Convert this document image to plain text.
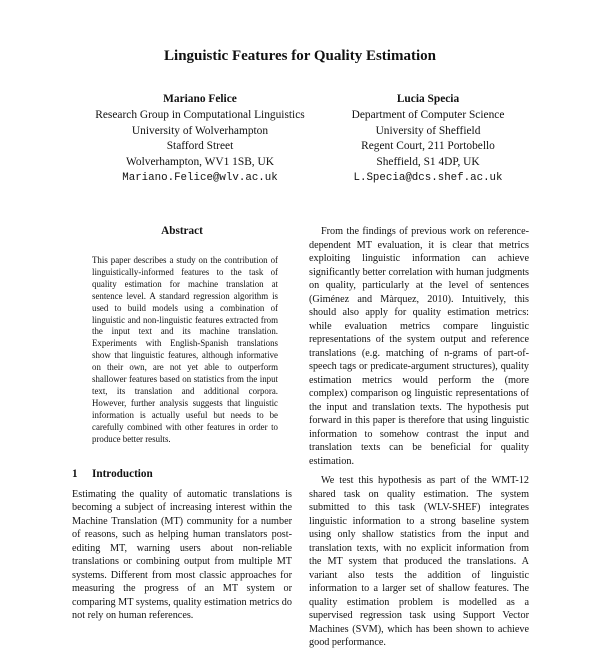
Linguistic Features for Quality Estimation
Mariano Felice
Research Group in Computational Linguistics
University of Wolverhampton
Stafford Street
Wolverhampton, WV1 1SB, UK
Mariano.Felice@wlv.ac.uk
Lucia Specia
Department of Computer Science
University of Sheffield
Regent Court, 211 Portobello
Sheffield, S1 4DP, UK
L.Specia@dcs.shef.ac.uk
Abstract

This paper describes a study on the contribution of linguistically-informed features to the task of quality estimation for machine translation at sentence level. A standard regression algorithm is used to build models using a combination of linguistic and non-linguistic features extracted from the input text and its machine translation. Experiments with English-Spanish translations show that linguistic features, although informative on their own, are not yet able to outperform shallower features based on statistics from the input text, its translation and additional corpora. However, further analysis suggests that linguistic information is actually useful but needs to be carefully combined with other features in order to produce better results.

1 Introduction

Estimating the quality of automatic translations is becoming a subject of increasing interest within the Machine Translation (MT) community for a number of reasons, such as helping human translators post-editing MT, warning users about non-reliable translations or combining output from multiple MT systems. Different from most classic approaches for measuring the progress of an MT system or comparing MT systems, quality estimation metrics do not rely on human references.

From the findings of previous work on reference-dependent MT evaluation, it is clear that metrics exploiting linguistic information can achieve significantly better correlation with human judgments on quality, particularly at the level of sentences (Giménez and Màrquez, 2010). Intuitively, this should also apply for quality estimation metrics: while evaluation metrics compare linguistic representations of the system output and reference translations (e.g. matching of n-grams of part-of-speech tags or predicate-argument structures), quality estimation metrics would perform the (more complex) comparison og linguistic representations of the input and translation texts. The hypothesis put forward in this paper is therefore that using linguistic information to somehow contrast the input and translation texts can be beneficial for quality estimation.

We test this hypothesis as part of the WMT-12 shared task on quality estimation. The system submitted to this task (WLV-SHEF) integrates linguistic information to a strong baseline system using only shallow statistics from the input and translation texts, with no explicit information from the MT system that produced the translations. A variant also tests the addition of linguistic information to a larger set of shallow features. The quality estimation problem is modelled as a supervised regression task using Support Vector Machines (SVM), which has been shown to achieve good performance.
